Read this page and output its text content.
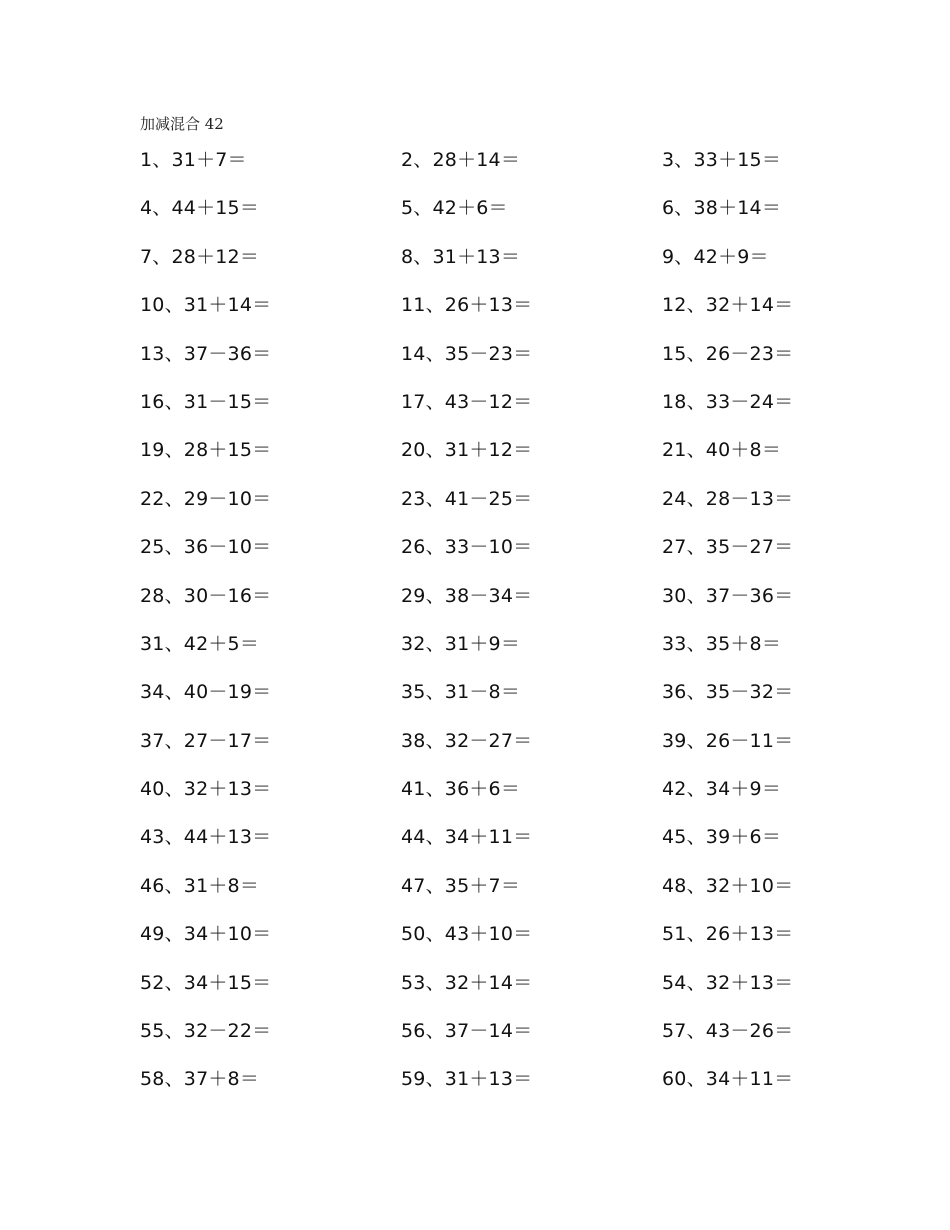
加减混合 42
1、31＋7＝	2、28＋14＝	3、33＋15＝
4、44＋15＝	5、42＋6＝	6、38＋14＝
7、28＋12＝	8、31＋13＝	9、42＋9＝
10、31＋14＝	11、26＋13＝	12、32＋14＝
13、37－36＝	14、35－23＝	15、26－23＝
16、31－15＝	17、43－12＝	18、33－24＝
19、28＋15＝	20、31＋12＝	21、40＋8＝
22、29－10＝	23、41－25＝	24、28－13＝
25、36－10＝	26、33－10＝	27、35－27＝
28、30－16＝	29、38－34＝	30、37－36＝
31、42＋5＝	32、31＋9＝	33、35＋8＝
34、40－19＝	35、31－8＝	36、35－32＝
37、27－17＝	38、32－27＝	39、26－11＝
40、32＋13＝	41、36＋6＝	42、34＋9＝
43、44＋13＝	44、34＋11＝	45、39＋6＝
46、31＋8＝	47、35＋7＝	48、32＋10＝
49、34＋10＝	50、43＋10＝	51、26＋13＝
52、34＋15＝	53、32＋14＝	54、32＋13＝
55、32－22＝	56、37－14＝	57、43－26＝
58、37＋8＝	59、31＋13＝	60、34＋11＝
